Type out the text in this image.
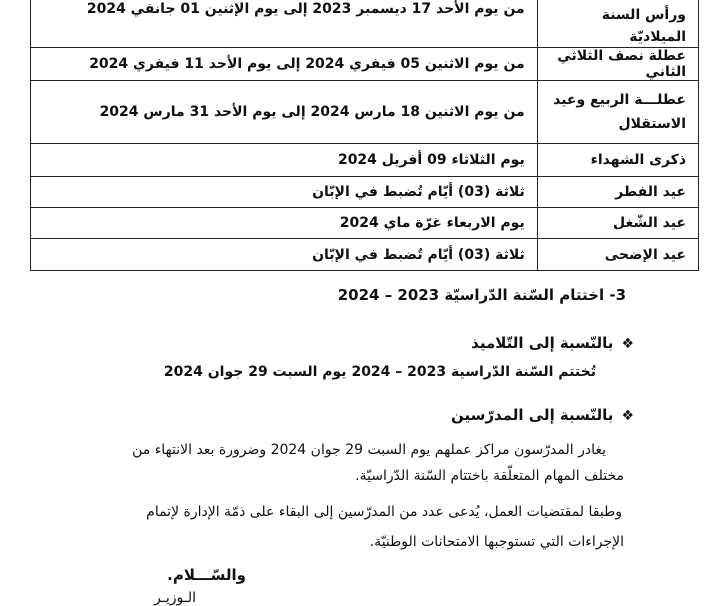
ورأس السنة الميلاديّة	من يوم الأحد 17 ديسمبر 2023 إلى يوم الإثنين 01 جانفي 2024
عطلة نصف الثلاثي الثاني	من يوم الاثنين 05 فيفري 2024 إلى يوم الأحد 11 فيفري 2024

عطلـــة الربيع وعيد الاستقلال	من يوم الاثنين 18 مارس 2024 إلى يوم الأحد 31 مارس 2024
ذكرى الشهداء	يوم الثلاثاء 09 أفريل 2024
عيد الفطر	ثلاثة (03) أيّام تُضبط في الإبّان
عيد الشّغل	يوم الاربعاء غرّة ماي 2024
عيد الإضحى	ثلاثة (03) أيّام تُضبط في الإبّان
3- اختتام السّنة الدّراسيّة 2023 – 2024
❖بالنّسبة إلى التّلاميذ
تُختتم السّنة الدّراسية 2023 – 2024 يوم السبت 29 جوان 2024
❖بالنّسبة إلى المدرّسين
يغادر المدرّسون مراكز عملهم يوم السبت 29 جوان 2024 وضرورة بعد الانتهاء من
مختلف المهام المتعلّقة باختتام السّنة الدّراسيّة.
وطبقا لمقتضيات العمل، يُدعى عدد من المدرّسين إلى البقاء على ذمّة الإدارة لإتمام
الإجراءات التي تستوجبها الامتحانات الوطنيّة.
والسّـــلام.
الـوزيـر
